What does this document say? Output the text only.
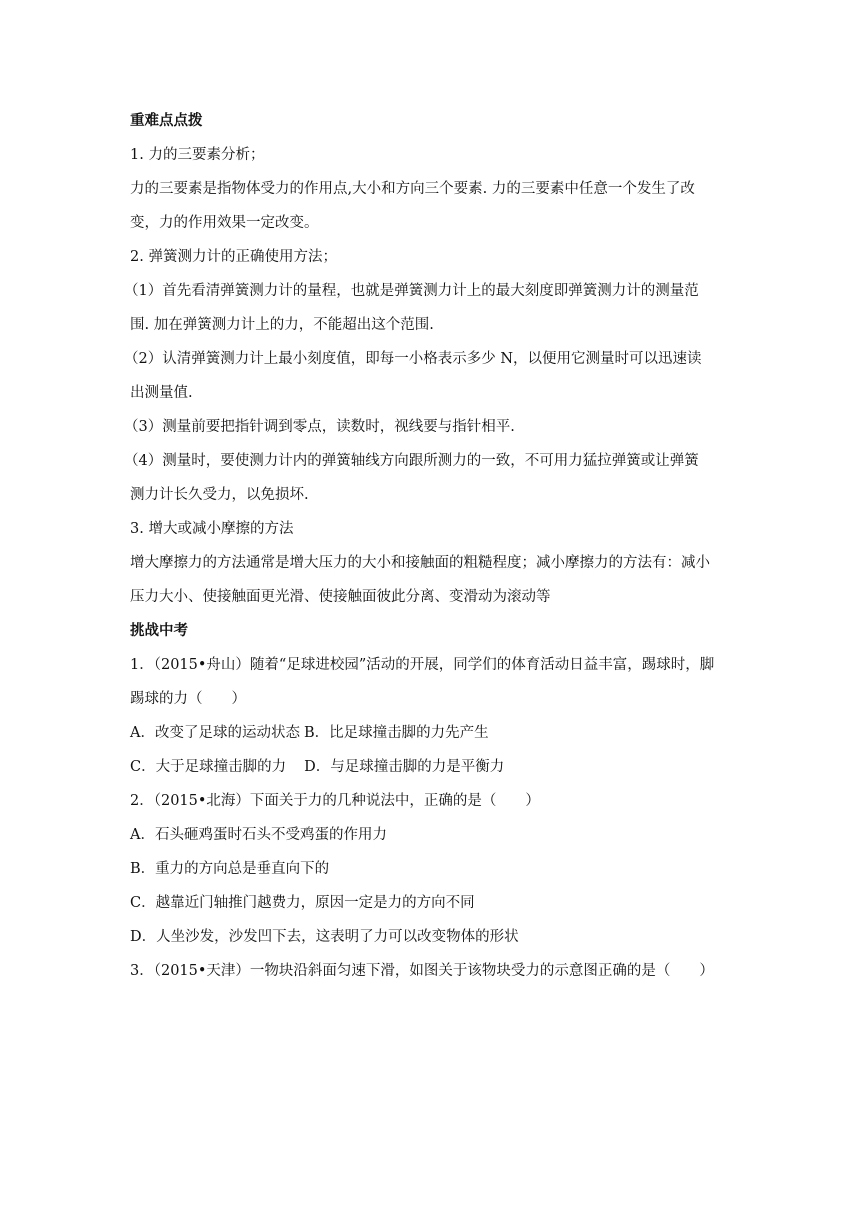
重难点点拨
1. 力的三要素分析；
力的三要素是指物体受力的作用点,大小和方向三个要素. 力的三要素中任意一个发生了改
变，力的作用效果一定改变。
2. 弹簧测力计的正确使用方法；
（1）首先看清弹簧测力计的量程，也就是弹簧测力计上的最大刻度即弹簧测力计的测量范
围. 加在弹簧测力计上的力，不能超出这个范围.
（2）认清弹簧测力计上最小刻度值，即每一小格表示多少 N，以便用它测量时可以迅速读
出测量值.
（3）测量前要把指针调到零点，读数时，视线要与指针相平.
（4）测量时，要使测力计内的弹簧轴线方向跟所测力的一致，不可用力猛拉弹簧或让弹簧
测力计长久受力，以免损坏.
3. 增大或减小摩擦的方法
增大摩擦力的方法通常是增大压力的大小和接触面的粗糙程度；减小摩擦力的方法有：减小
压力大小、使接触面更光滑、使接触面彼此分离、变滑动为滚动等
挑战中考
1．（2015•舟山）随着“足球进校园”活动的开展，同学们的体育活动日益丰富，踢球时，脚
踢球的力（　　）
A．改变了足球的运动状态 B．比足球撞击脚的力先产生
C．大于足球撞击脚的力 D．与足球撞击脚的力是平衡力
2．（2015•北海）下面关于力的几种说法中，正确的是（　　）
A．石头砸鸡蛋时石头不受鸡蛋的作用力
B．重力的方向总是垂直向下的
C．越靠近门轴推门越费力，原因一定是力的方向不同
D．人坐沙发，沙发凹下去，这表明了力可以改变物体的形状
3．（2015•天津）一物块沿斜面匀速下滑，如图关于该物块受力的示意图正确的是（　　）
